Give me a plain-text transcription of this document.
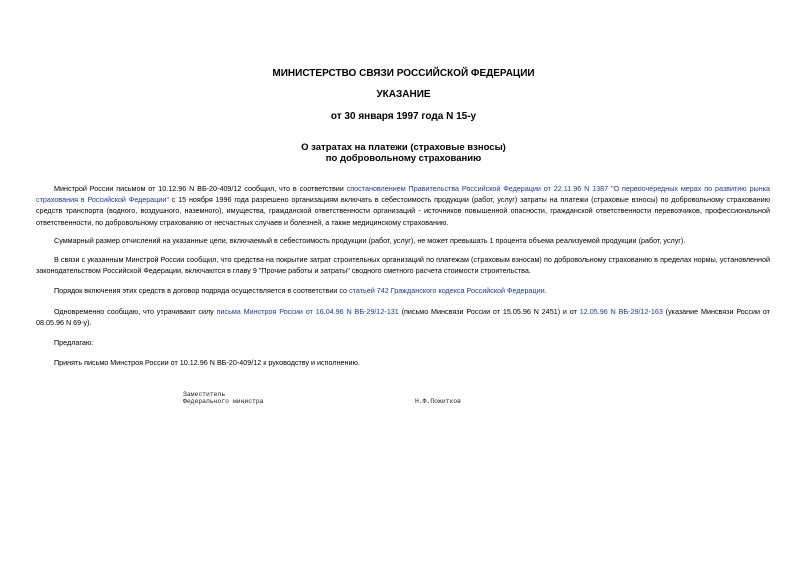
МИНИСТЕРСТВО СВЯЗИ РОССИЙСКОЙ ФЕДЕРАЦИИ
УКАЗАНИЕ
от 30 января 1997 года N 15-у
О затратах на платежи (страховые взносы)
по добровольному страхованию
Минстрой России письмом от 10.12.96 N ВБ-20-409/12 сообщил, что в соответствии спостановлением Правительства Российской Федерации от 22.11.96 N 1387 "О первоочередных мерах по развитию рынка страхования в Российской Федерации" с 15 ноября 1996 года разрешено организациям включать в себестоимость продукции (работ, услуг) затраты на платежи (страховые взносы) по добровольному страхованию средств транспорта (водного, воздушного, наземного), имущества, гражданской ответственности организаций - источников повышенной опасности, гражданской ответственности перевозчиков, профессиональной ответственности, по добровольному страхованию от несчастных случаев и болезней, а также медицинскому страхованию.
Суммарный размер отчислений на указанные цели, включаемый в себестоимость продукции (работ, услуг), не может превышать 1 процента объема реализуемой продукции (работ, услуг).
В связи с указанным Минстрой России сообщил, что средства на покрытие затрат строительных организаций по платежам (страховым взносам) по добровольному страхованию в пределах нормы, установленной законодательством Российской Федерации, включаются в главу 9 "Прочие работы и затраты" сводного сметного расчета стоимости строительства.
Порядок включения этих средств в договор подряда осуществляется в соответствии со статьей 742 Гражданского кодекса Российской Федерации.
Одновременно сообщаю, что утрачивают силу письма Минстроя России от 16.04.96 N ВБ-29/12-131 (письмо Минсвязи России от 15.05.96 N 2451) и от 12.05.96 N ВБ-29/12-163 (указание Минсвязи России от 08.05.96 N 69-у).
Предлагаю:
Принять письмо Минстроя России от 10.12.96 N ВБ-20-409/12 к руководству и исполнению.
Заместитель
Федерального министра	Н.Ф.Пожитков
